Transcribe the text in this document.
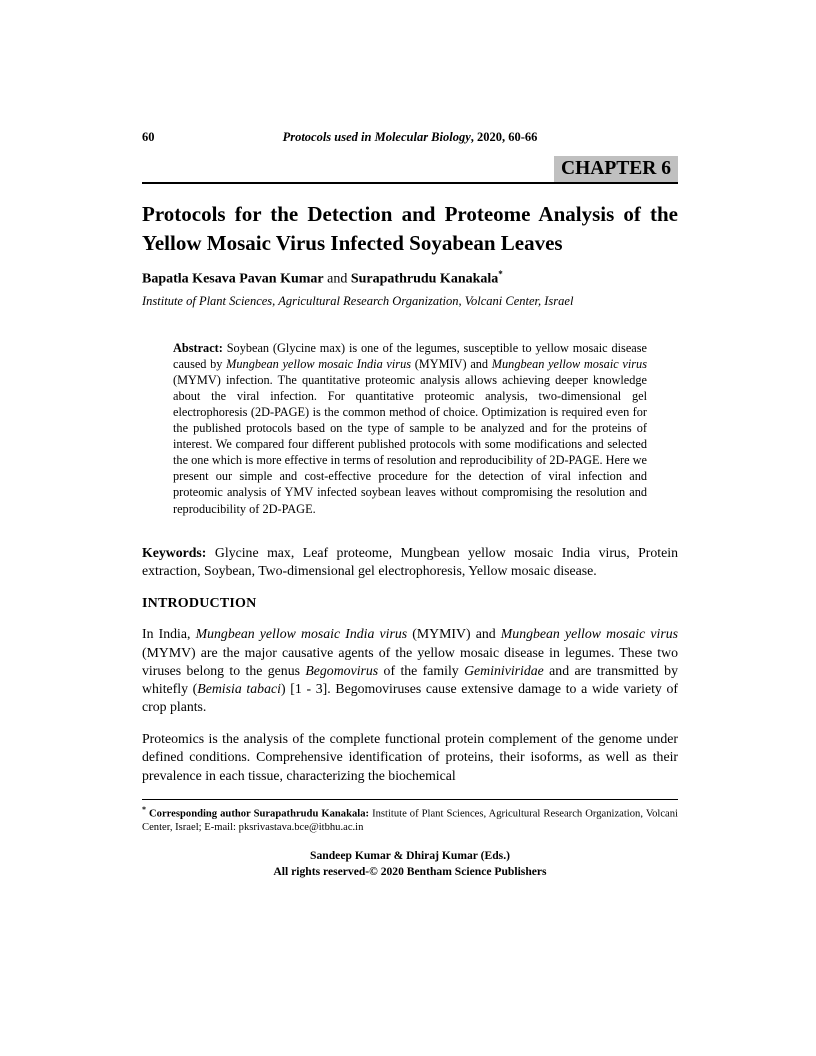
60	Protocols used in Molecular Biology, 2020, 60-66
CHAPTER 6
Protocols for the Detection and Proteome Analysis of the Yellow Mosaic Virus Infected Soyabean Leaves
Bapatla Kesava Pavan Kumar and Surapathrudu Kanakala*
Institute of Plant Sciences, Agricultural Research Organization, Volcani Center, Israel

Abstract: Soybean (Glycine max) is one of the legumes, susceptible to yellow mosaic disease caused by Mungbean yellow mosaic India virus (MYMIV) and Mungbean yellow mosaic virus (MYMV) infection. The quantitative proteomic analysis allows achieving deeper knowledge about the viral infection. For quantitative proteomic analysis, two-dimensional gel electrophoresis (2D-PAGE) is the common method of choice. Optimization is required even for the published protocols based on the type of sample to be analyzed and for the proteins of interest. We compared four different published protocols with some modifications and selected the one which is more effective in terms of resolution and reproducibility of 2D-PAGE. Here we present our simple and cost-effective procedure for the detection of viral infection and proteomic analysis of YMV infected soybean leaves without compromising the resolution and reproducibility of 2D-PAGE.

Keywords: Glycine max, Leaf proteome, Mungbean yellow mosaic India virus, Protein extraction, Soybean, Two-dimensional gel electrophoresis, Yellow mosaic disease.

INTRODUCTION

In India, Mungbean yellow mosaic India virus (MYMIV) and Mungbean yellow mosaic virus (MYMV) are the major causative agents of the yellow mosaic disease in legumes. These two viruses belong to the genus Begomovirus of the family Geminiviridae and are transmitted by whitefly (Bemisia tabaci) [1 - 3]. Begomoviruses cause extensive damage to a wide variety of crop plants.

Proteomics is the analysis of the complete functional protein complement of the genome under defined conditions. Comprehensive identification of proteins, their isoforms, as well as their prevalence in each tissue, characterizing the biochemical

* Corresponding author Surapathrudu Kanakala: Institute of Plant Sciences, Agricultural Research Organization, Volcani Center, Israel; E-mail: pksrivastava.bce@itbhu.ac.in
Sandeep Kumar & Dhiraj Kumar (Eds.)
All rights reserved-© 2020 Bentham Science Publishers
